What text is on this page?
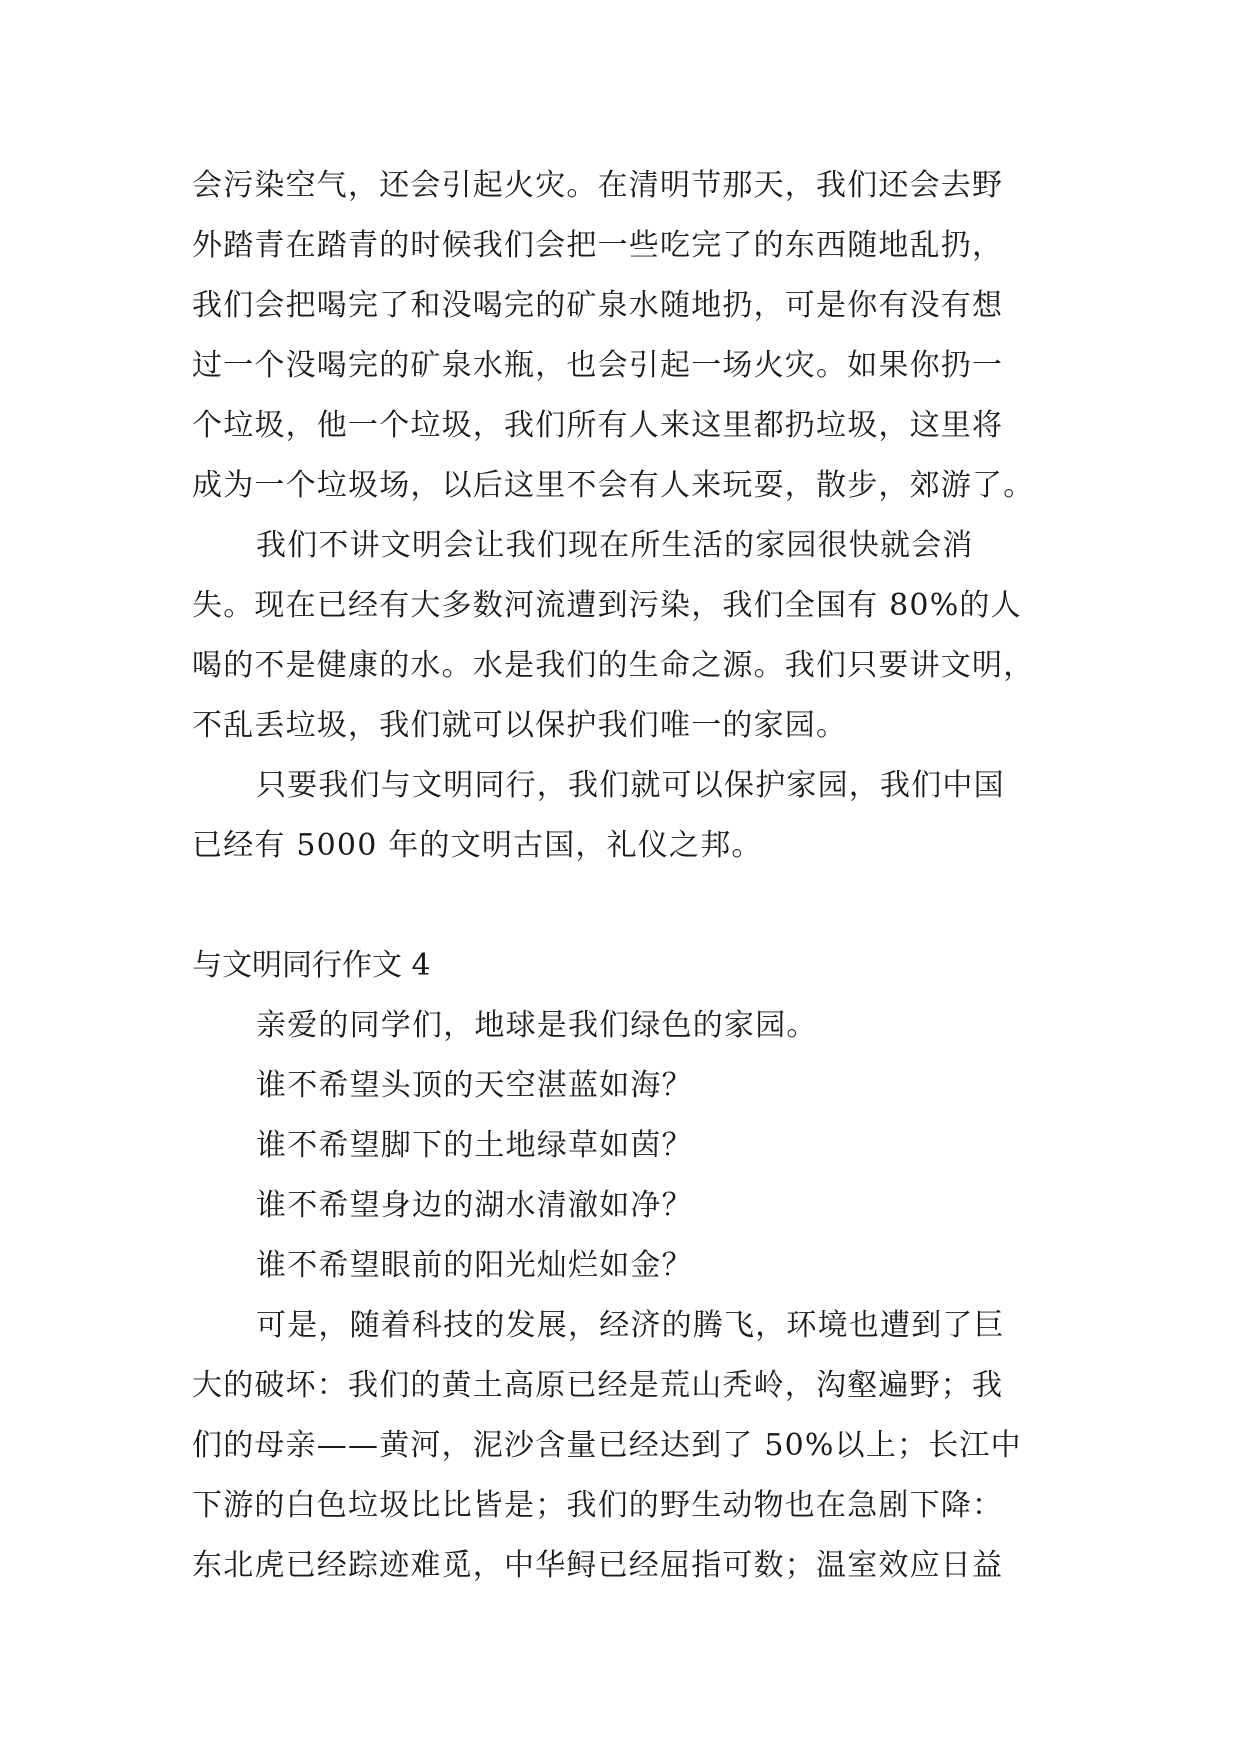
会污染空气，还会引起火灾。在清明节那天，我们还会去野
外踏青在踏青的时候我们会把一些吃完了的东西随地乱扔，
我们会把喝完了和没喝完的矿泉水随地扔，可是你有没有想
过一个没喝完的矿泉水瓶，也会引起一场火灾。如果你扔一
个垃圾，他一个垃圾，我们所有人来这里都扔垃圾，这里将
成为一个垃圾场，以后这里不会有人来玩耍，散步，郊游了。
我们不讲文明会让我们现在所生活的家园很快就会消
失。现在已经有大多数河流遭到污染，我们全国有 80%的人
喝的不是健康的水。水是我们的生命之源。我们只要讲文明，
不乱丢垃圾，我们就可以保护我们唯一的家园。
只要我们与文明同行，我们就可以保护家园，我们中国
已经有 5000 年的文明古国，礼仪之邦。
与文明同行作文 4
亲爱的同学们，地球是我们绿色的家园。
谁不希望头顶的天空湛蓝如海？
谁不希望脚下的土地绿草如茵？
谁不希望身边的湖水清澈如净？
谁不希望眼前的阳光灿烂如金？
可是，随着科技的发展，经济的腾飞，环境也遭到了巨
大的破坏：我们的黄土高原已经是荒山秃岭，沟壑遍野；我
们的母亲——黄河，泥沙含量已经达到了 50%以上；长江中
下游的白色垃圾比比皆是；我们的野生动物也在急剧下降：
东北虎已经踪迹难觅，中华鲟已经屈指可数；温室效应日益
